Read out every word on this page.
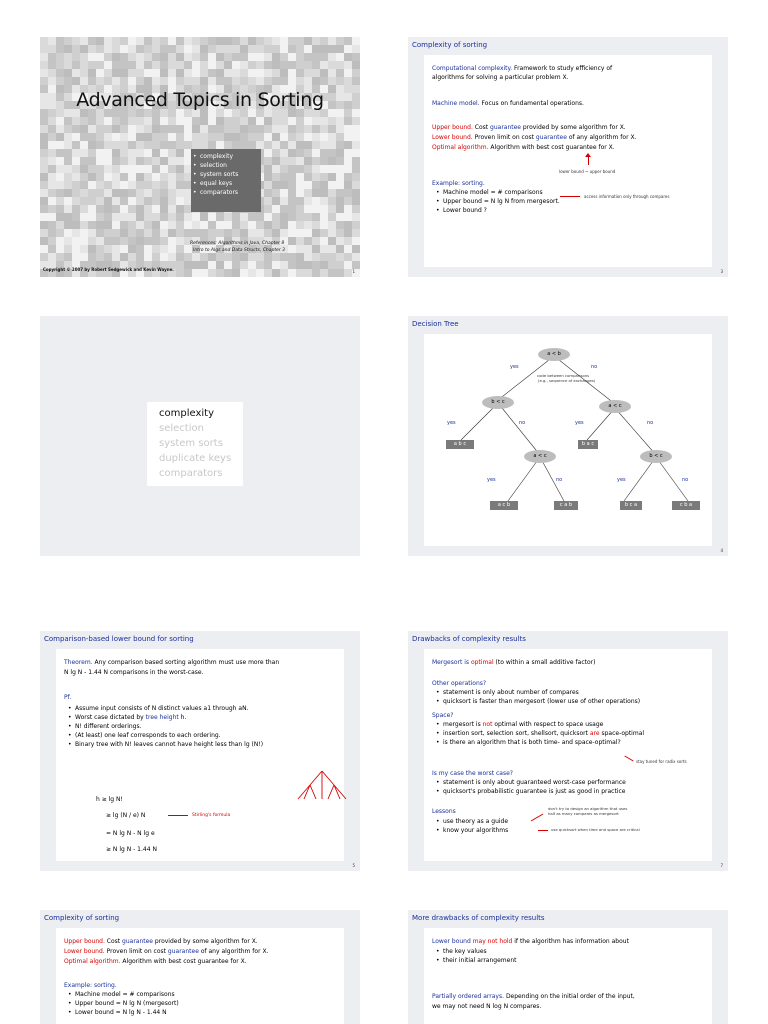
Advanced Topics in Sorting
• complexity
• selection
• system sorts
• equal keys
• comparators
References: Algorithms in Java, Chapter 8
Intro to Algs and Data Structs, Chapter 3
Copyright © 2007 by Robert Sedgewick and Kevin Wayne.	1
Complexity of sorting
Computational complexity. Framework to study efficiency of
algorithms for solving a particular problem X.
Machine model. Focus on fundamental operations.
Upper bound. Cost guarantee provided by some algorithm for X.
Lower bound. Proven limit on cost guarantee of any algorithm for X.
Optimal algorithm. Algorithm with best cost guarantee for X.
lower bound ~ upper bound
Example: sorting.
• Machine model = # comparisons
• Upper bound = N lg N from mergesort.
• Lower bound ?
access information only through compares
3
complexity
selection
system sorts
duplicate keys
comparators
Decision Tree
a < b
code between comparisons
(e.g., sequence of exchanges)
b < c
a < c
a < c	b < c
a b c	b a c
a c b	c a b	b c a	c b a
yes	no
yes	no	yes	no
yes	no	yes	no
4
Comparison-based lower bound for sorting
Theorem. Any comparison based sorting algorithm must use more than
N lg N - 1.44 N comparisons in the worst-case.
Pf.
• Assume input consists of N distinct values a1 through aN.
• Worst case dictated by tree height h.
• N! different orderings.
• (At least) one leaf corresponds to each ordering.
• Binary tree with N! leaves cannot have height less than lg (N!)
h ≥ lg N!
≥ lg (N / e) N	Stirling's formula
= N lg N - N lg e
≥ N lg N - 1.44 N
5
Drawbacks of complexity results
Mergesort is optimal (to within a small additive factor)
Other operations?
• statement is only about number of compares
• quicksort is faster than mergesort (lower use of other operations)
Space?
• mergesort is not optimal with respect to space usage
• insertion sort, selection sort, shellsort, quicksort are space-optimal
• is there an algorithm that is both time- and space-optimal?
stay tuned for radix sorts
Is my case the worst case?
• statement is only about guaranteed worst-case performance
• quicksort's probabilistic guarantee is just as good in practice
Lessons
• use theory as a guide
• know your algorithms
don't try to design an algorithm that uses
half as many compares as mergesort
use quicksort when time and space are critical
7
Complexity of sorting
Upper bound. Cost guarantee provided by some algorithm for X.
Lower bound. Proven limit on cost guarantee of any algorithm for X.
Optimal algorithm. Algorithm with best cost guarantee for X.
Example: sorting.
• Machine model = # comparisons
• Upper bound = N lg N (mergesort)
• Lower bound = N lg N - 1.44 N
More drawbacks of complexity results
Lower bound may not hold if the algorithm has information about
• the key values
• their initial arrangement
Partially ordered arrays. Depending on the initial order of the input,
we may not need N log N compares.
